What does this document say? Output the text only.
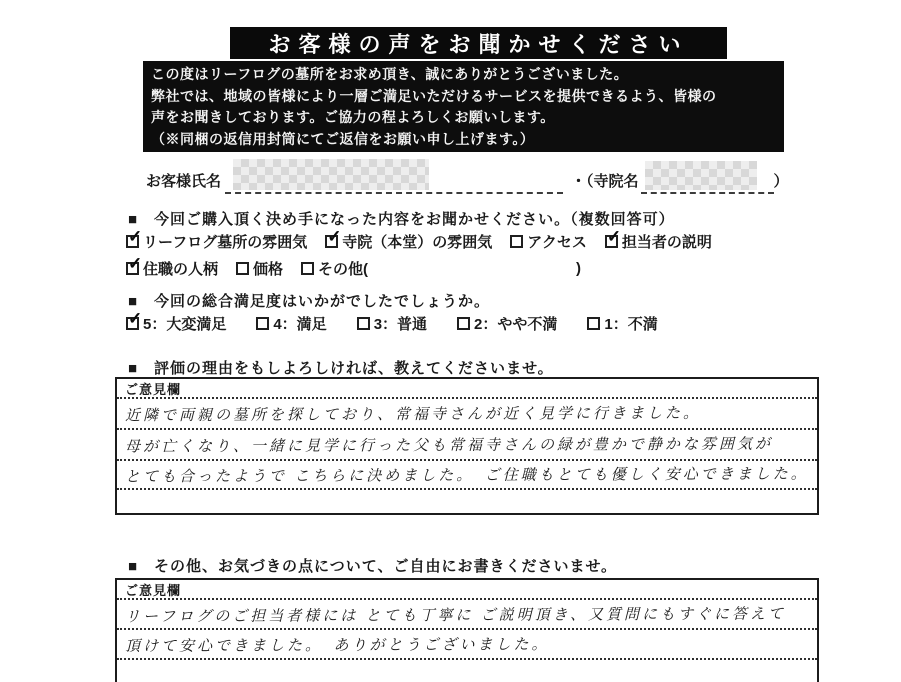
お客様の声をお聞かせください
この度はリーフログの墓所をお求め頂き、誠にありがとうございました。
弊社では、地域の皆様により一層ご満足いただけるサービスを提供できるよう、皆様の
声をお聞きしております。ご協力の程よろしくお願いします。
（※同梱の返信用封筒にてご返信をお願い申し上げます。）
お客様氏名	・（寺院名	）
■　今回ご購入頂く決め手になった内容をお聞かせください。（複数回答可）
✓ リーフログ墓所の雰囲気 ✓ 寺院（本堂）の雰囲気 アクセス ✓ 担当者の説明
✓ 住職の人柄 価格 その他(	)
■　今回の総合満足度はいかがでしたでしょうか。
✓ 5：大変満足	4：満足	3：普通	2：やや不満	1：不満
■　評価の理由をもしよろしければ、教えてくださいませ。
ご意見欄
近隣で両親の墓所を探しており、常福寺さんが近く見学に行きました。
母が亡くなり、一緒に見学に行った父も常福寺さんの緑が豊かで静かな雰囲気が
とても合ったようで こちらに決めました。　ご住職もとても優しく安心できました。
■　その他、お気づきの点について、ご自由にお書きくださいませ。
ご意見欄
リーフログのご担当者様には とても丁寧に ご説明頂き、又質問にもすぐに答えて
頂けて安心できました。　ありがとうございました。
